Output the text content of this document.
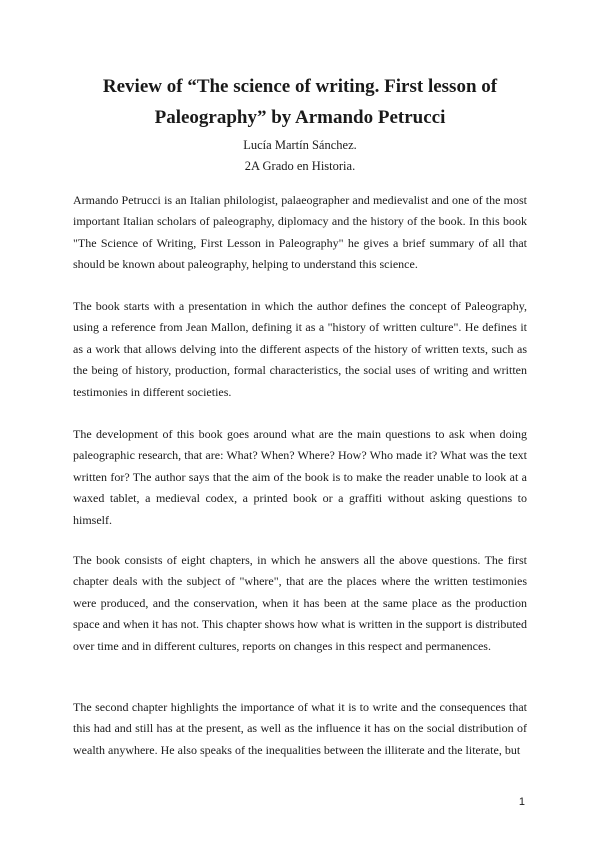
Review of “The science of writing. First lesson of

Paleography” by Armando Petrucci

Lucía Martín Sánchez.

2A Grado en Historia.

Armando Petrucci is an Italian philologist, palaeographer and medievalist and one of the most important Italian scholars of paleography, diplomacy and the history of the book. In this book "The Science of Writing, First Lesson in Paleography" he gives a brief summary of all that should be known about paleography, helping to understand this science.

The book starts with a presentation in which the author defines the concept of Paleography, using a reference from Jean Mallon, defining it as a "history of written culture". He defines it as a work that allows delving into the different aspects of the history of written texts, such as the being of history, production, formal characteristics, the social uses of writing and written testimonies in different societies.

The development of this book goes around what are the main questions to ask when doing paleographic research, that are: What? When? Where? How? Who made it? What was the text written for? The author says that the aim of the book is to make the reader unable to look at a waxed tablet, a medieval codex, a printed book or a graffiti without asking questions to himself.

The book consists of eight chapters, in which he answers all the above questions. The first chapter deals with the subject of "where", that are the places where the written testimonies were produced, and the conservation, when it has been at the same place as the production space and when it has not. This chapter shows how what is written in the support is distributed over time and in different cultures, reports on changes in this respect and permanences.

The second chapter highlights the importance of what it is to write and the consequences that this had and still has at the present, as well as the influence it has on the social distribution of wealth anywhere. He also speaks of the inequalities between the illiterate and the literate, but

1
